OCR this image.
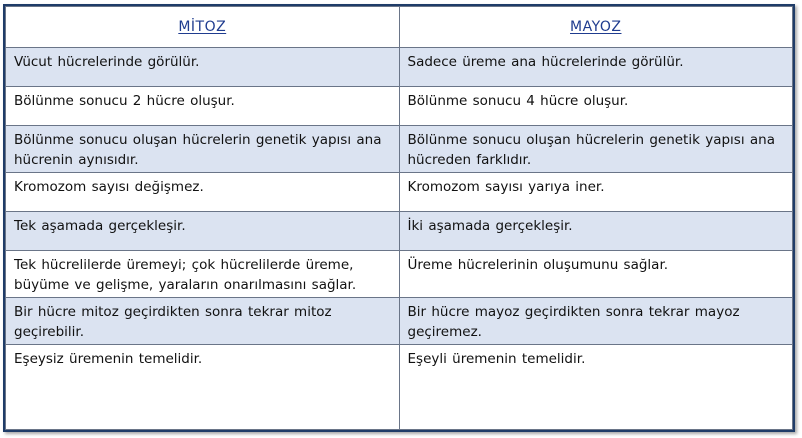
MİTOZ	MAYOZ
Vücut hücrelerinde görülür.	Sadece üreme ana hücrelerinde görülür.
Bölünme sonucu 2 hücre oluşur.	Bölünme sonucu 4 hücre oluşur.
Bölünme sonucu oluşan hücrelerin genetik yapısı ana hücrenin aynısıdır.	Bölünme sonucu oluşan hücrelerin genetik yapısı ana hücreden farklıdır.
Kromozom sayısı değişmez.	Kromozom sayısı yarıya iner.
Tek aşamada gerçekleşir.	İki aşamada gerçekleşir.
Tek hücrelilerde üremeyi; çok hücrelilerde üreme, büyüme ve gelişme, yaraların onarılmasını sağlar.	Üreme hücrelerinin oluşumunu sağlar.
Bir hücre mitoz geçirdikten sonra tekrar mitoz geçirebilir.	Bir hücre mayoz geçirdikten sonra tekrar mayoz geçiremez.
Eşeysiz üremenin temelidir.	Eşeyli üremenin temelidir.
